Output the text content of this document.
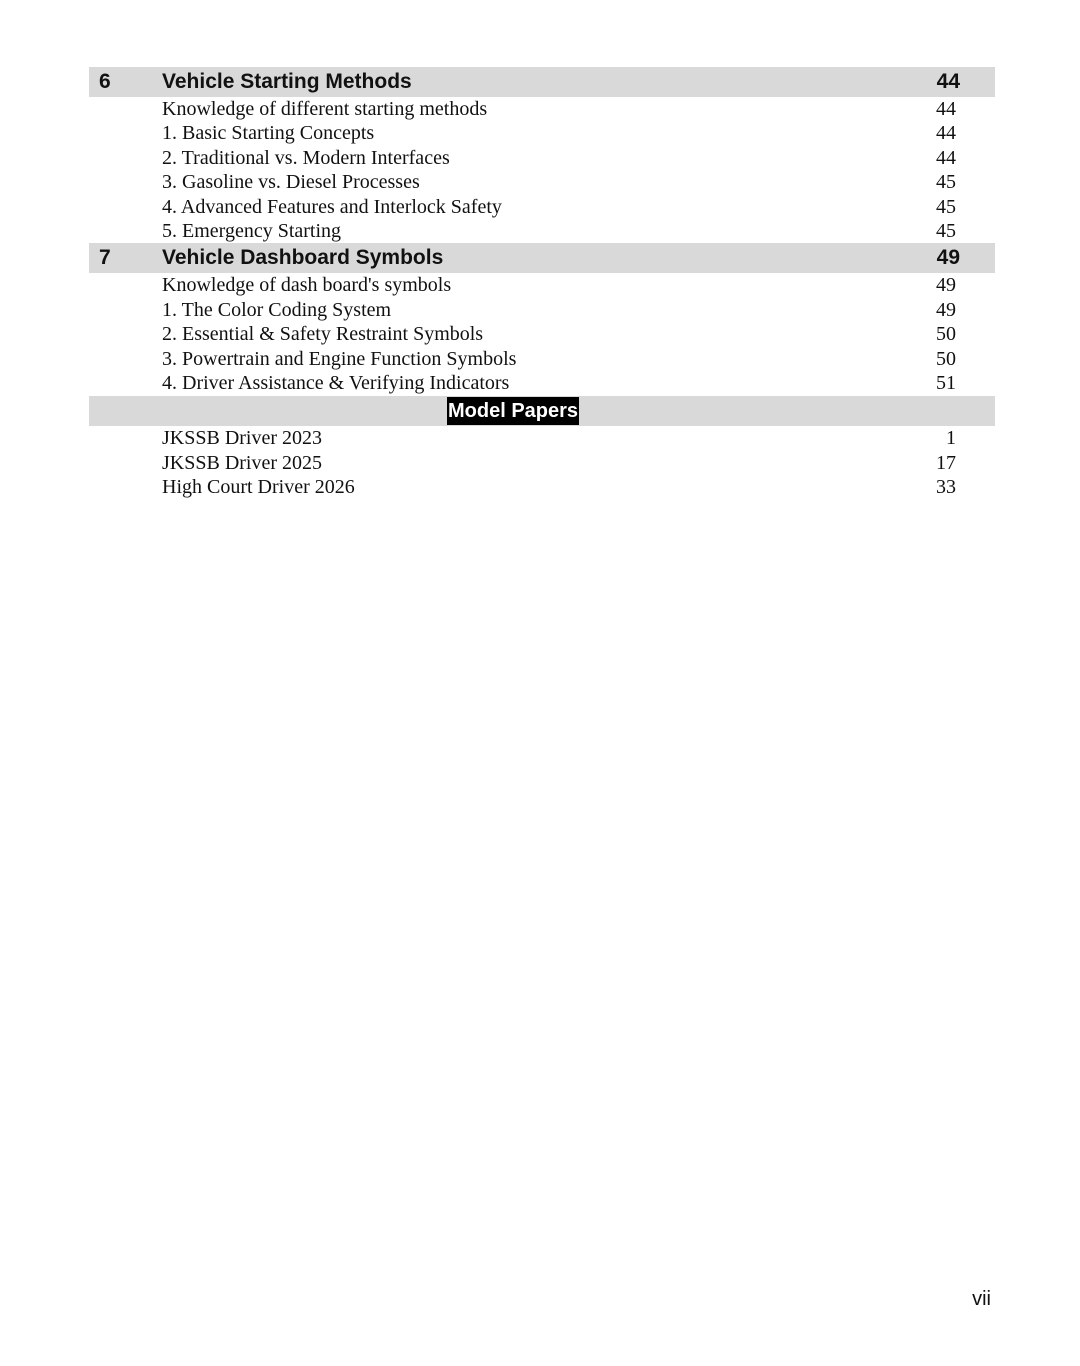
6 Vehicle Starting Methods	44
Knowledge of different starting methods	44
1. Basic Starting Concepts	44
2. Traditional vs. Modern Interfaces	44
3. Gasoline vs. Diesel Processes	45
4. Advanced Features and Interlock Safety	45
5. Emergency Starting	45
7 Vehicle Dashboard Symbols	49
Knowledge of dash board's symbols	49
1. The Color Coding System	49
2. Essential & Safety Restraint Symbols	50
3. Powertrain and Engine Function Symbols	50
4. Driver Assistance & Verifying Indicators	51
Model Papers
JKSSB Driver 2023	1
JKSSB Driver 2025	17
High Court Driver 2026	33
vii
